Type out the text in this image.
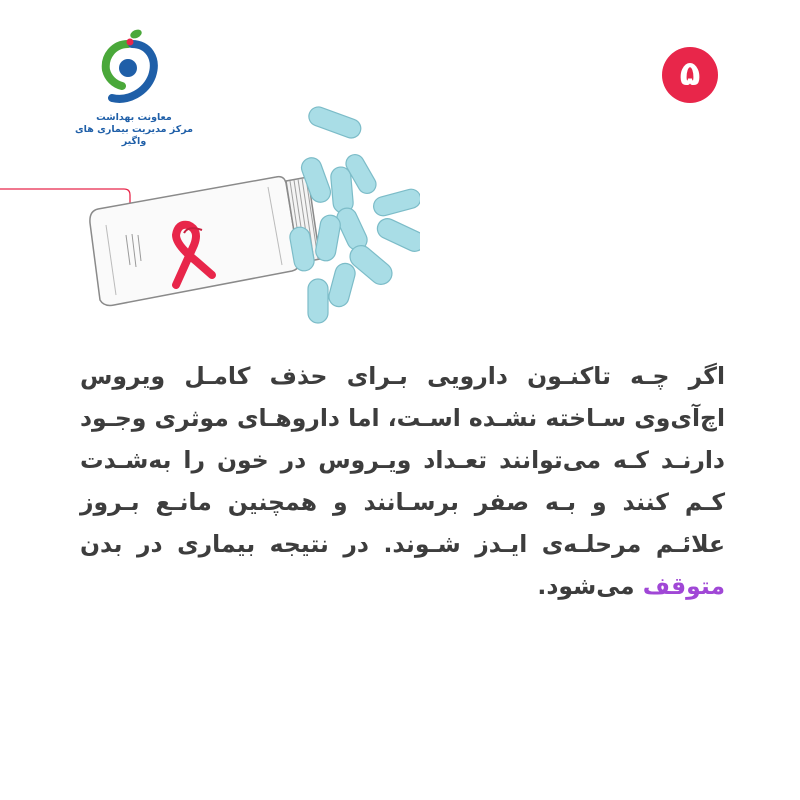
معاونت بهداشت
مرکز مدیریت بیماری های واگیر
۵
اگر چـه تاکنـون دارویی بـرای حذف کامـل ویروس اچ‌آی‌وی سـاخته نشـده اسـت، اما داروهـای موثری وجـود دارنـد کـه می‌توانند تعـداد ویـروس در خون را به‌شـدت کـم کنند و بـه صفر برسـانند و همچنین مانـع بـروز علائـم مرحلـه‌ی ایـدز شـوند. در نتیجه بیماری در بدن متوقف می‌شود.
